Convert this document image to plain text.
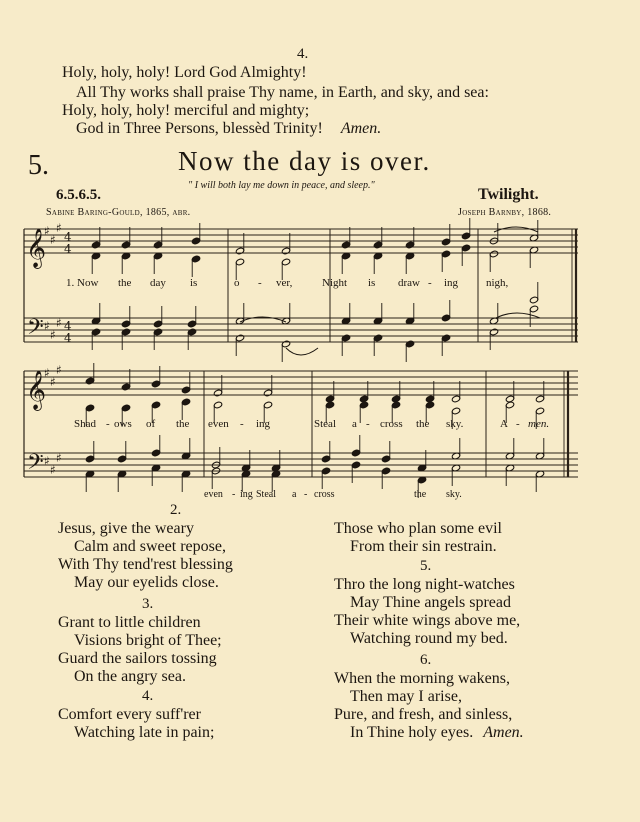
4.
Holy, holy, holy! Lord God Almighty!
All Thy works shall praise Thy name, in Earth, and sky, and sea:
Holy, holy, holy! merciful and mighty;
God in Three Persons, blessèd Trinity! Amen.
5.	Now the day is over.
6.5.6.5.
" I will both lay me down in peace, and sleep."
Twilight.
Sabine Baring-Gould, 1865, abr.	Joseph Barnby, 1868.
𝄞
♯
♯
♯
𝄞
♯
♯
♯
𝄢 ♯
♯
♯
𝄢 ♯
♯
♯
4
4
4
4
1. Now the day is	o - ver,	Night is draw - ing	nigh,
Shad - ows of the even - ing	Steal a - cross the sky.	A - men.
even - ing Steal a - cross	the sky.
2.
Jesus, give the weary
Calm and sweet repose,
With Thy tend'rest blessing
May our eyelids close.
3.
Grant to little children
Visions bright of Thee;
Guard the sailors tossing
On the angry sea.
4.
Comfort every suff'rer
Watching late in pain;
Those who plan some evil
From their sin restrain.
5.
Thro the long night-watches
May Thine angels spread
Their white wings above me,
Watching round my bed.
6.
When the morning wakens,
Then may I arise,
Pure, and fresh, and sinless,
In Thine holy eyes. Amen.
